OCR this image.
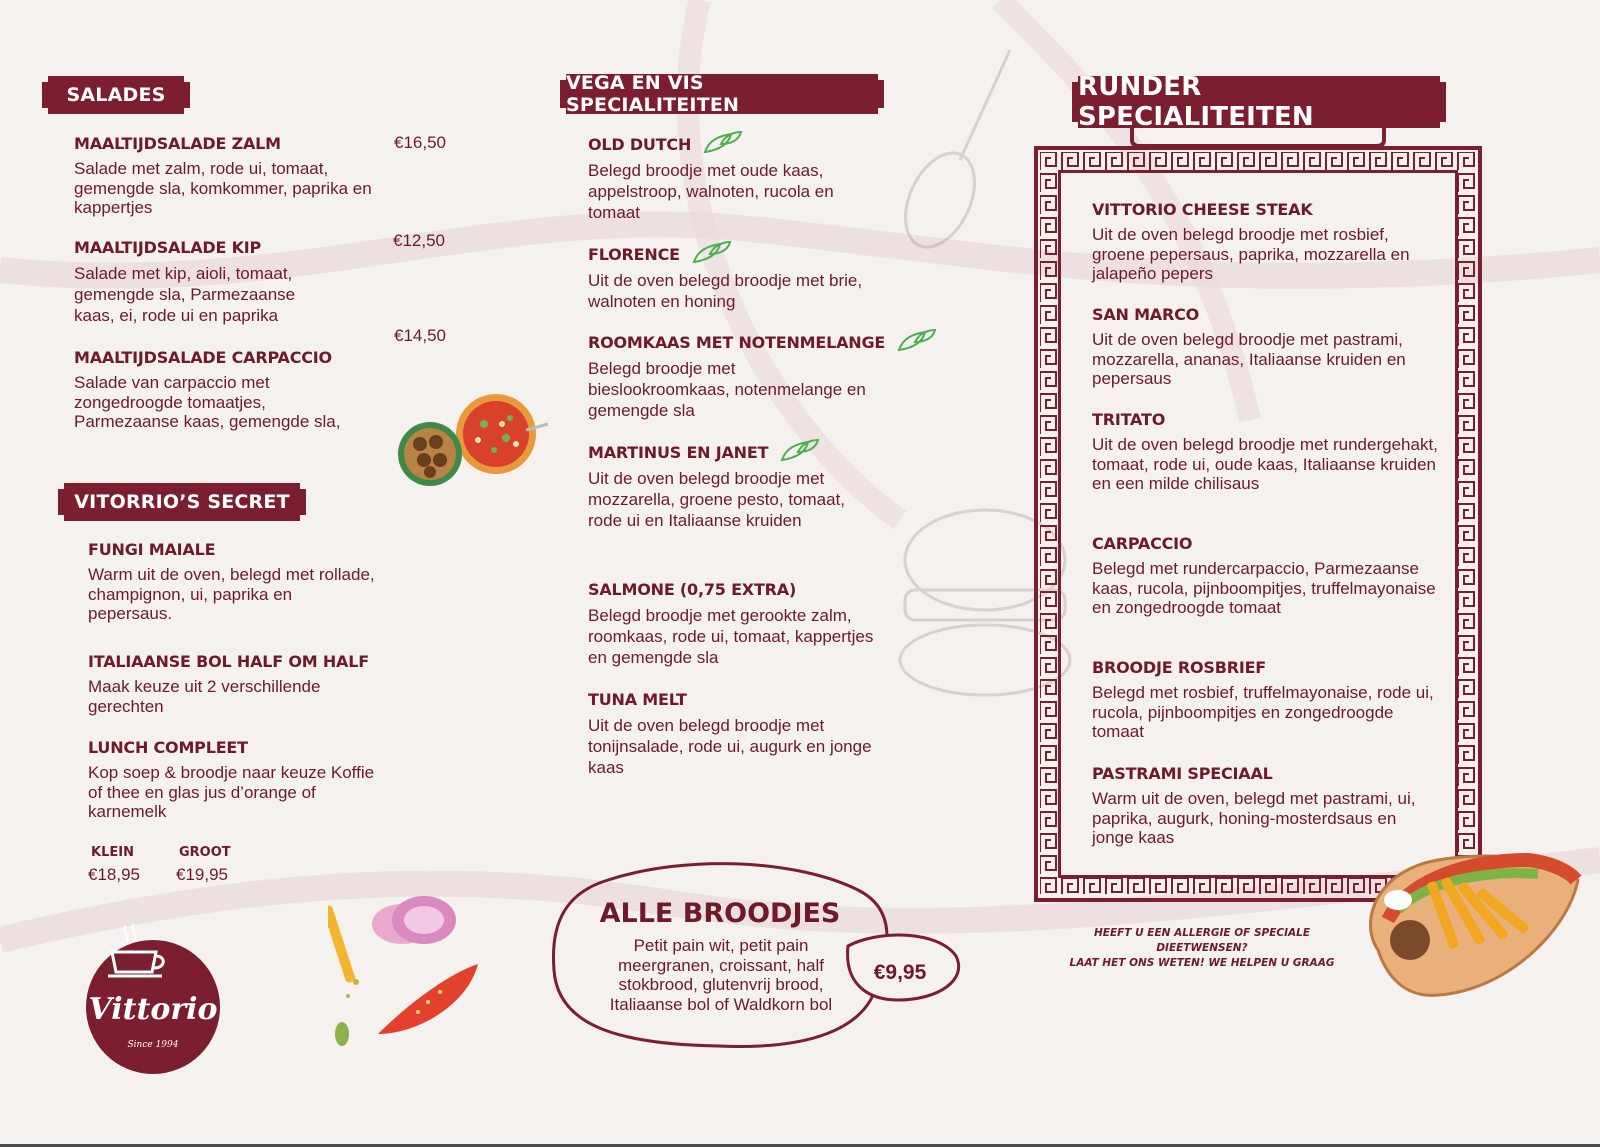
SALADES
MAALTIJDSALADE ZALM
Salade met zalm, rode ui, tomaat, gemengde sla, komkommer, paprika en kappertjes
€16,50
MAALTIJDSALADE KIP
Salade met kip, aioli, tomaat, gemengde sla, Parmezaanse kaas, ei, rode ui en paprika
€12,50
MAALTIJDSALADE CARPACCIO
Salade van carpaccio met zongedroogde tomaatjes, Parmezaanse kaas, gemengde sla,
€14,50
VITORRIO’S SECRET
FUNGI MAIALE
Warm uit de oven, belegd met rollade, champignon, ui, paprika en pepersaus.
ITALIAANSE BOL HALF OM HALF
Maak keuze uit 2 verschillende gerechten
LUNCH COMPLEET
Kop soep & broodje naar keuze Koffie of thee en glas jus d’orange of karnemelk
KLEIN
€18,95
GROOT
€19,95
Vittorio
Since 1994
VEGA EN VIS SPECIALITEITEN
OLD DUTCH
Belegd broodje met oude kaas, appelstroop, walnoten, rucola en tomaat
FLORENCE
Uit de oven belegd broodje met brie, walnoten en honing
ROOMKAAS MET NOTENMELANGE
Belegd broodje met bieslookroomkaas, notenmelange en gemengde sla
MARTINUS EN JANET
Uit de oven belegd broodje met mozzarella, groene pesto, tomaat, rode ui en Italiaanse kruiden
SALMONE (0,75 EXTRA)
Belegd broodje met gerookte zalm, roomkaas, rode ui, tomaat, kappertjes en gemengde sla
TUNA MELT
Uit de oven belegd broodje met tonijnsalade, rode ui, augurk en jonge kaas
ALLE BROODJES
Petit pain wit, petit pain meergranen, croissant, half stokbrood, glutenvrij brood, Italiaanse bol of Waldkorn bol
€9,95
RUNDER SPECIALITEITEN
VITTORIO CHEESE STEAK
Uit de oven belegd broodje met rosbief, groene pepersaus, paprika, mozzarella en jalapeño pepers
SAN MARCO
Uit de oven belegd broodje met pastrami, mozzarella, ananas, Italiaanse kruiden en pepersaus
TRITATO
Uit de oven belegd broodje met rundergehakt, tomaat, rode ui, oude kaas, Italiaanse kruiden en een milde chilisaus
CARPACCIO
Belegd met rundercarpaccio, Parmezaanse kaas, rucola, pijnboompitjes, truffelmayonaise en zongedroogde tomaat
BROODJE ROSBRIEF
Belegd met rosbief, truffelmayonaise, rode ui, rucola, pijnboompitjes en zongedroogde tomaat
PASTRAMI SPECIAAL
Warm uit de oven, belegd met pastrami, ui, paprika, augurk, honing-mosterdsaus en jonge kaas
HEEFT U EEN ALLERGIE OF SPECIALE DIEETWENSEN?
LAAT HET ONS WETEN! WE HELPEN U GRAAG
